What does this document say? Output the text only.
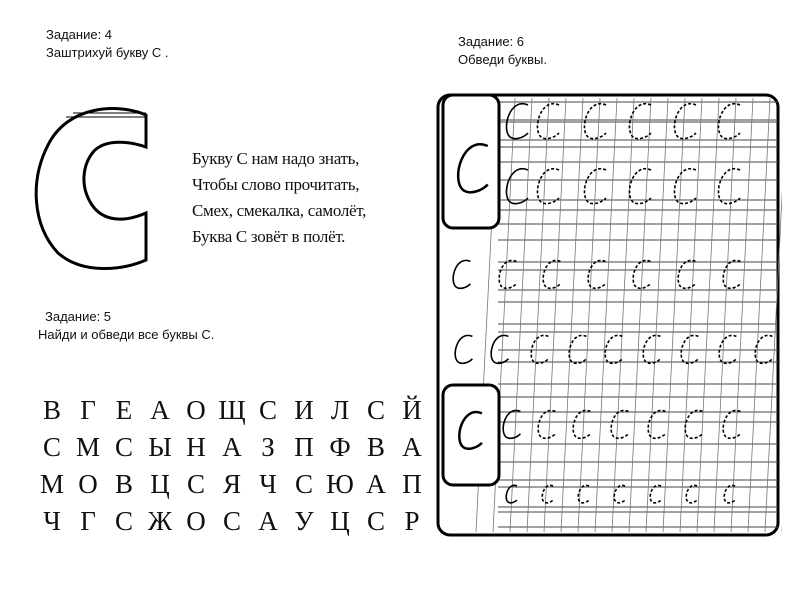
Задание: 4
Заштрихуй букву С .
Букву С нам надо знать,
Чтобы слово прочитать,
Смех, смекалка, самолёт,
Буква С зовёт в полёт.
Задание: 5
Найди и обведи все буквы С.
В Г Е А О Щ С И Л С Й
С М С Ы Н А З П Ф В А
М О В Ц С Я Ч С Ю А П
Ч Г С Ж О С А У Ц С Р
Задание: 6
Обведи буквы.
